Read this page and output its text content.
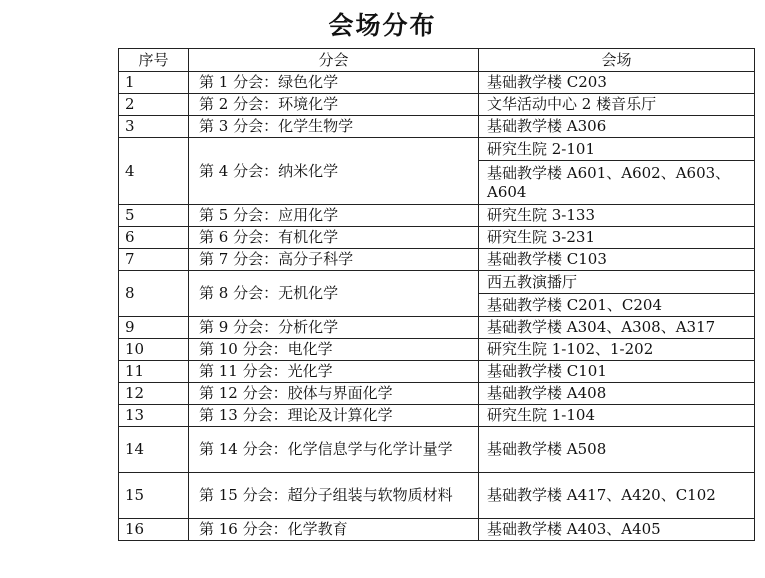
会场分布
序号	分会	会场
1	第 1 分会：绿色化学	基础教学楼 C203
2	第 2 分会：环境化学	文华活动中心 2 楼音乐厅
3	第 3 分会：化学生物学	基础教学楼 A306
4	第 4 分会：纳米化学	研究生院 2-101
		基础教学楼 A601、A602、A603、A604
5	第 5 分会：应用化学	研究生院 3-133
6	第 6 分会：有机化学	研究生院 3-231
7	第 7 分会：高分子科学	基础教学楼 C103
8	第 8 分会：无机化学	西五教演播厅
		基础教学楼 C201、C204
9	第 9 分会：分析化学	基础教学楼 A304、A308、A317
10	第 10 分会：电化学	研究生院 1-102、1-202
11	第 11 分会：光化学	基础教学楼 C101
12	第 12 分会：胶体与界面化学	基础教学楼 A408
13	第 13 分会：理论及计算化学	研究生院 1-104
14	第 14 分会：化学信息学与化学计量学	基础教学楼 A508
15	第 15 分会：超分子组装与软物质材料	基础教学楼 A417、A420、C102
16	第 16 分会：化学教育	基础教学楼 A403、A405
